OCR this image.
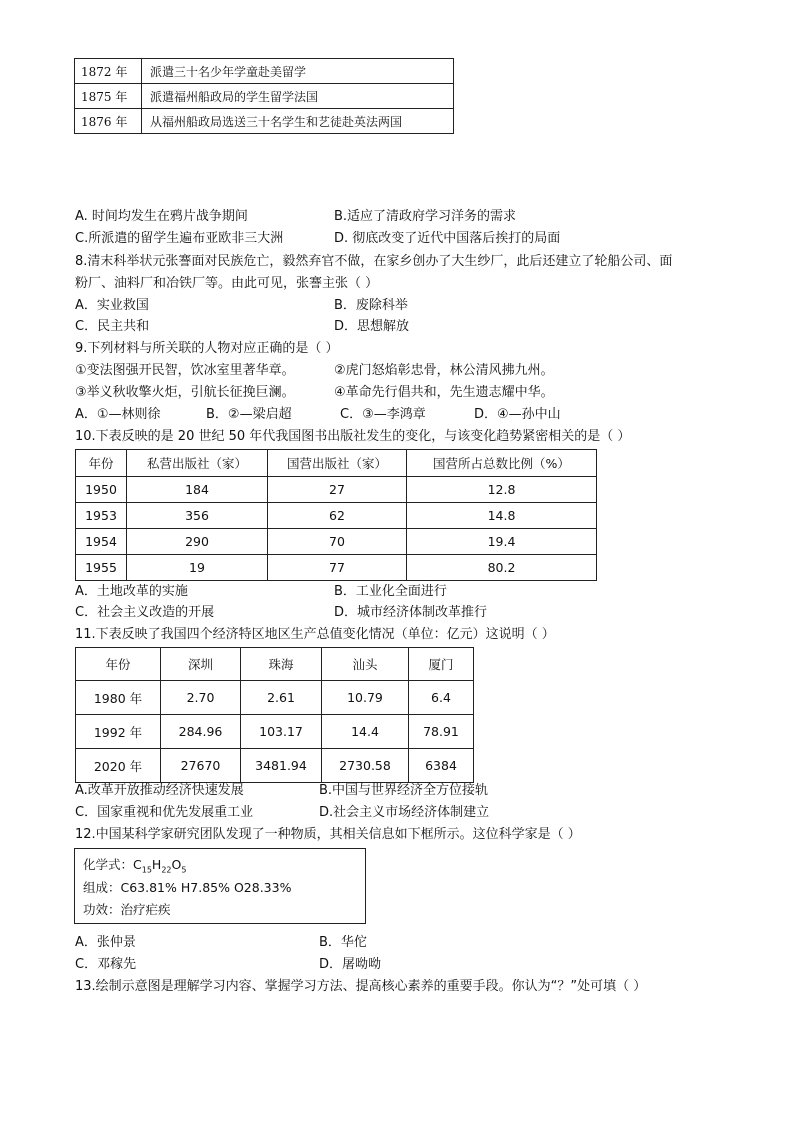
1872 年	派遣三十名少年学童赴美留学
1875 年	派遣福州船政局的学生留学法国
1876 年	从福州船政局选送三十名学生和艺徒赴英法两国
A. 时间均发生在鸦片战争期间	B.适应了清政府学习洋务的需求
C.所派遣的留学生遍布亚欧非三大洲	D. 彻底改变了近代中国落后挨打的局面
8.清末科举状元张謇面对民族危亡，毅然弃官不做，在家乡创办了大生纱厂，此后还建立了轮船公司、面
粉厂、油料厂和冶铁厂等。由此可见，张謇主张（ ）
A．实业救国	B．废除科举
C．民主共和	D．思想解放
9.下列材料与所关联的人物对应正确的是（ ）
①变法图强开民智，饮冰室里著华章。	②虎门怒焰彰忠骨，林公清风拂九州。
③举义秋收擎火炬，引航长征挽巨澜。	④革命先行倡共和，先生遗志耀中华。
A．①—林则徐	B．②—梁启超	C．③—李鸿章	D．④—孙中山
10.下表反映的是 20 世纪 50 年代我国图书出版社发生的变化，与该变化趋势紧密相关的是（ ）
年份	私营出版社（家）	国营出版社（家）	国营所占总数比例（%）
1950	184	27	12.8
1953	356	62	14.8
1954	290	70	19.4
1955	19	77	80.2
A．土地改革的实施	B．工业化全面进行
C．社会主义改造的开展	D．城市经济体制改革推行
11.下表反映了我国四个经济特区地区生产总值变化情况（单位：亿元）这说明（ ）
年份	深圳	珠海	汕头	厦门
1980 年	2.70	2.61	10.79	6.4
1992 年	284.96	103.17	14.4	78.91
2020 年	27670	3481.94	2730.58	6384
A.改革开放推动经济快速发展	B.中国与世界经济全方位接轨
C．国家重视和优先发展重工业	D.社会主义市场经济体制建立
12.中国某科学家研究团队发现了一种物质，其相关信息如下框所示。这位科学家是（ ）
化学式：$C_{15}H_{22}O_5$
组成：C63.81% H7.85% O28.33%
功效：治疗疟疾
A．张仲景	B．华佗
C．邓稼先	D．屠呦呦
13.绘制示意图是理解学习内容、掌握学习方法、提高核心素养的重要手段。你认为“？”处可填（ ）
